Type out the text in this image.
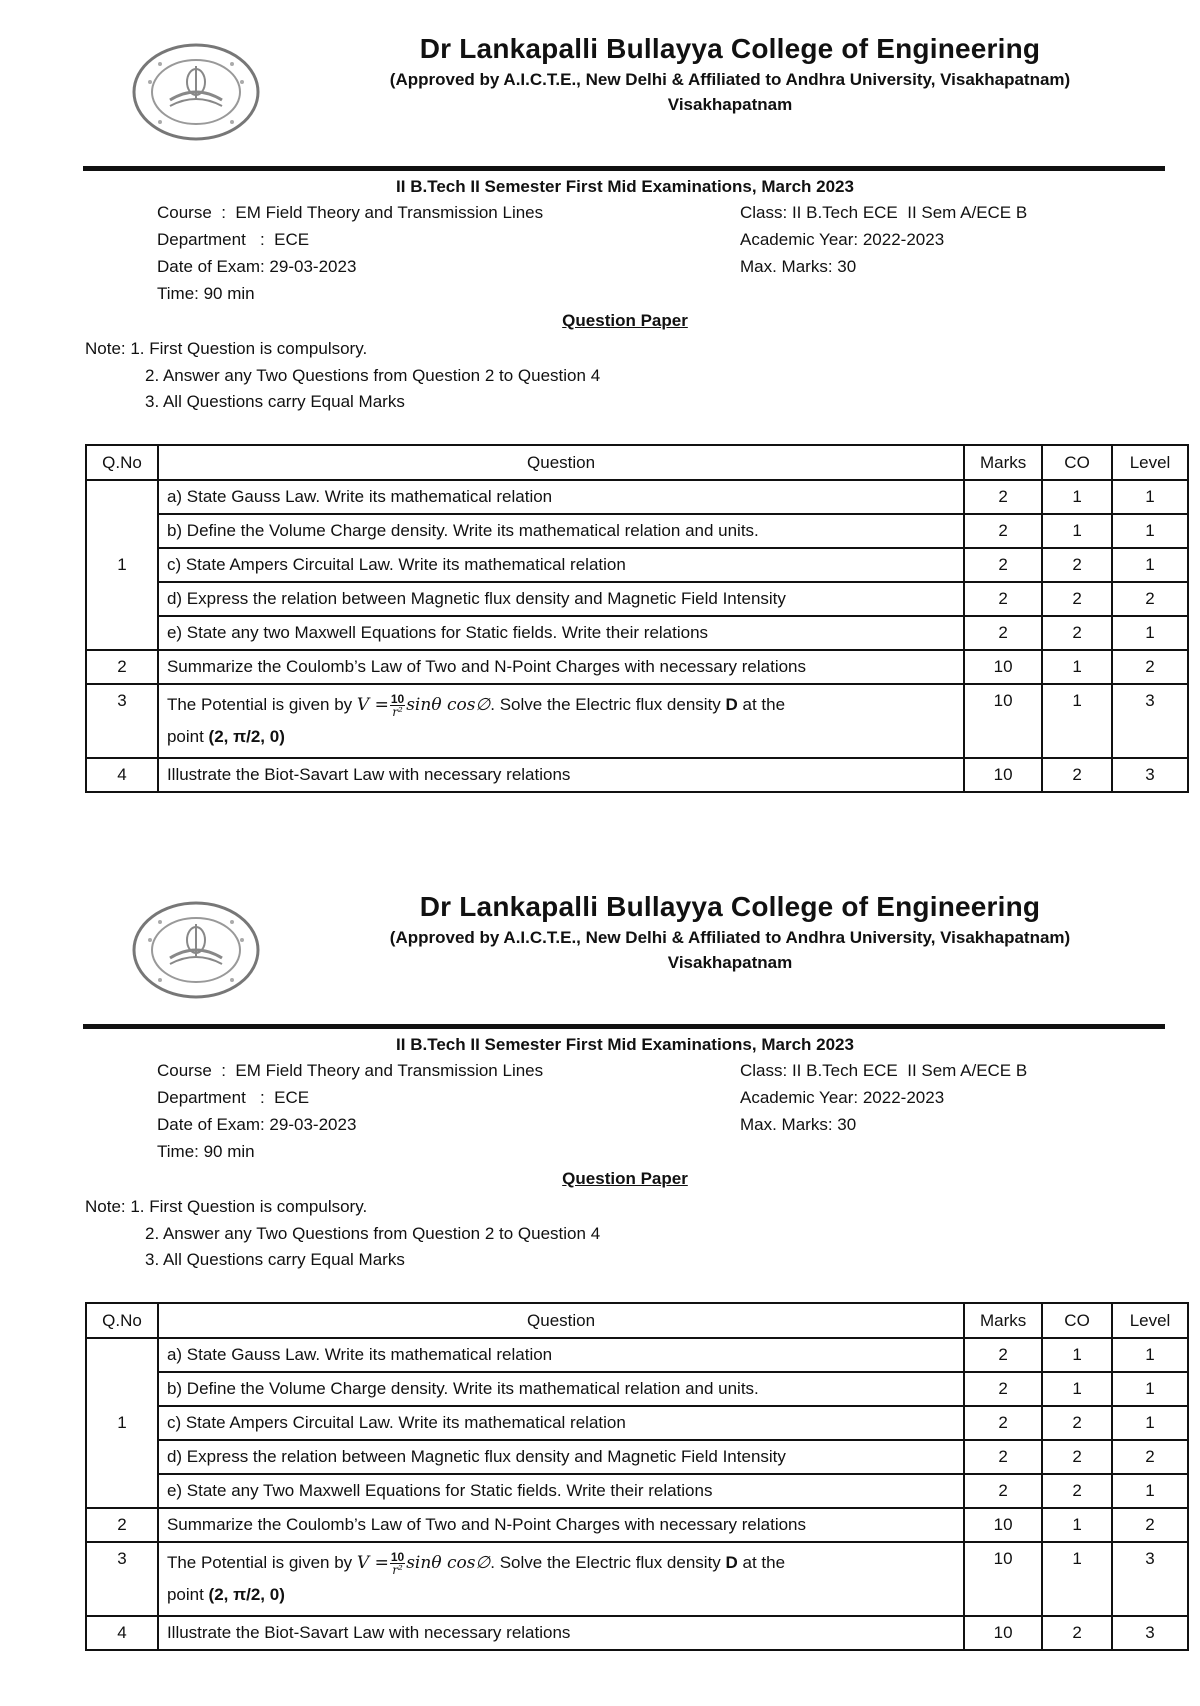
Dr Lankapalli Bullayya College of Engineering
(Approved by A.I.C.T.E., New Delhi & Affiliated to Andhra University, Visakhapatnam)
Visakhapatnam
II B.Tech II Semester First Mid Examinations, March 2023
Course  :  EM Field Theory and Transmission Lines
Department   :  ECE
Date of Exam: 29-03-2023
Time: 90 min
Class: II B.Tech ECE  II Sem A/ECE B
Academic Year: 2022-2023
Max. Marks: 30
Question Paper
Note: 1. First Question is compulsory.
2. Answer any Two Questions from Question 2 to Question 4
3. All Questions carry Equal Marks
Q.No	Question	Marks	CO	Level
1	a) State Gauss Law. Write its mathematical relation	2	1	1
	b) Define the Volume Charge density. Write its mathematical relation and units.	2	1	1
	c) State Ampers Circuital Law. Write its mathematical relation	2	2	1
	d) Express the relation between Magnetic flux density and Magnetic Field Intensity	2	2	2
	e) State any two Maxwell Equations for Static fields. Write their relations	2	2	1
2	Summarize the Coulomb’s Law of Two and N-Point Charges with necessary relations	10	1	2
3	The Potential is given by $V = \frac{10}{\text{r²}}$ sinθ cos∅. Solve the Electric flux density D at the
point (2, π/2, 0)	10	1	3
4	Illustrate the Biot-Savart Law with necessary relations	10	2	3
Dr Lankapalli Bullayya College of Engineering
(Approved by A.I.C.T.E., New Delhi & Affiliated to Andhra University, Visakhapatnam)
Visakhapatnam
II B.Tech II Semester First Mid Examinations, March 2023
Course  :  EM Field Theory and Transmission Lines
Department   :  ECE
Date of Exam: 29-03-2023
Time: 90 min
Class: II B.Tech ECE  II Sem A/ECE B
Academic Year: 2022-2023
Max. Marks: 30
Question Paper
Note: 1. First Question is compulsory.
2. Answer any Two Questions from Question 2 to Question 4
3. All Questions carry Equal Marks
Q.No	Question	Marks	CO	Level
1	a) State Gauss Law. Write its mathematical relation	2	1	1
	b) Define the Volume Charge density. Write its mathematical relation and units.	2	1	1
	c) State Ampers Circuital Law. Write its mathematical relation	2	2	1
	d) Express the relation between Magnetic flux density and Magnetic Field Intensity	2	2	2
	e) State any Two Maxwell Equations for Static fields. Write their relations	2	2	1
2	Summarize the Coulomb’s Law of Two and N-Point Charges with necessary relations	10	1	2
3	The Potential is given by $V = \frac{10}{\text{r²}}$ sinθ cos∅. Solve the Electric flux density D at the
point (2, π/2, 0)	10	1	3
4	Illustrate the Biot-Savart Law with necessary relations	10	2	3
